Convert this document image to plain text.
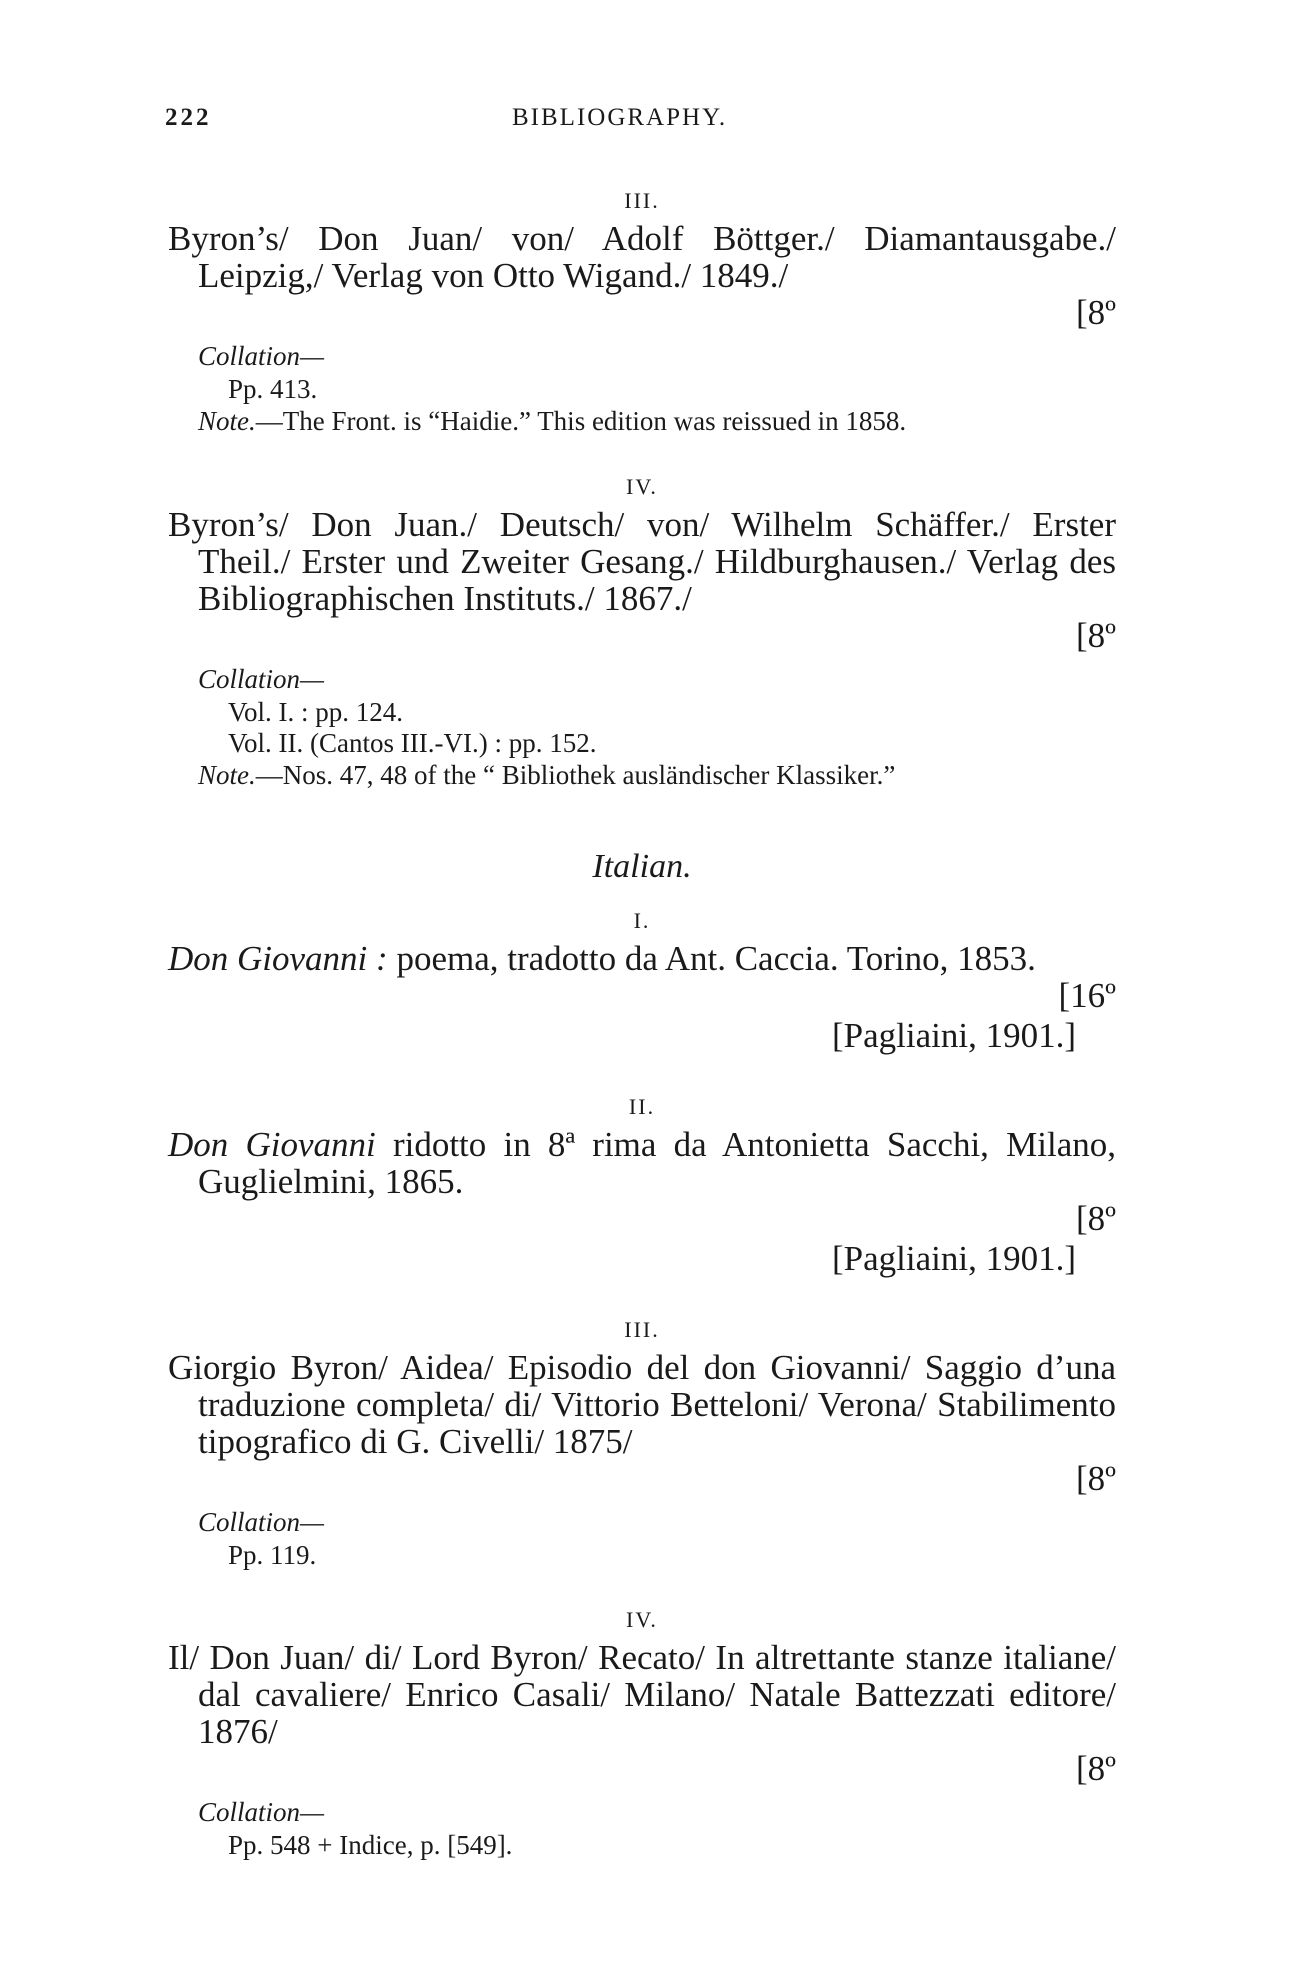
222	BIBLIOGRAPHY.
III.
Byron’s/ Don Juan/ von/ Adolf Böttger./ Diamantausgabe./ Leipzig,/ Verlag von Otto Wigand./ 1849./
[8º
Collation—
Pp. 413.
Note.—The Front. is “Haidie.” This edition was reissued in 1858.
IV.
Byron’s/ Don Juan./ Deutsch/ von/ Wilhelm Schäffer./ Erster Theil./ Erster und Zweiter Gesang./ Hildburghausen./ Verlag des Bibliographischen Instituts./ 1867./
[8º
Collation—
Vol. I. : pp. 124.
Vol. II. (Cantos III.-VI.) : pp. 152.
Note.—Nos. 47, 48 of the “ Bibliothek ausländischer Klassiker.”
Italian.
I.
Don Giovanni : poema, tradotto da Ant. Caccia. Torino, 1853.
[16º
[Pagliaini, 1901.]
II.
Don Giovanni ridotto in 8ª rima da Antonietta Sacchi, Milano, Guglielmini, 1865.
[8º
[Pagliaini, 1901.]
III.
Giorgio Byron/ Aidea/ Episodio del don Giovanni/ Saggio d’una traduzione completa/ di/ Vittorio Betteloni/ Verona/ Stabilimento tipografico di G. Civelli/ 1875/
[8º
Collation—
Pp. 119.
IV.
Il/ Don Juan/ di/ Lord Byron/ Recato/ In altrettante stanze italiane/ dal cavaliere/ Enrico Casali/ Milano/ Natale Battezzati editore/ 1876/
[8º
Collation—
Pp. 548 + Indice, p. [549].
